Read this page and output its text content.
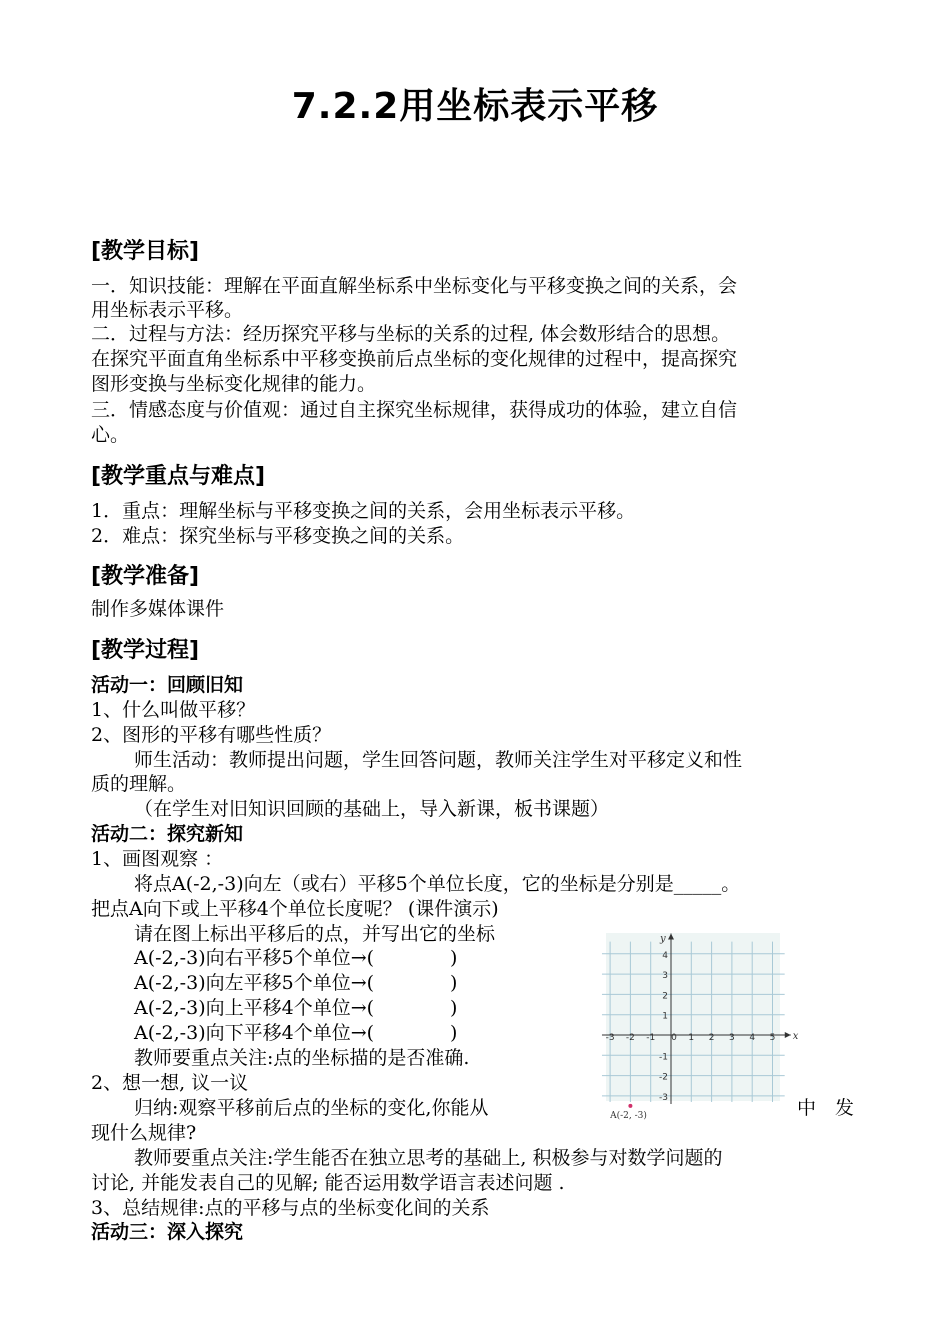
7.2.2用坐标表示平移
[教学目标]
一．知识技能：理解在平面直解坐标系中坐标变化与平移变换之间的关系，会
用坐标表示平移。
二．过程与方法：经历探究平移与坐标的关系的过程, 体会数形结合的思想。
在探究平面直角坐标系中平移变换前后点坐标的变化规律的过程中，提高探究
图形变换与坐标变化规律的能力。
三．情感态度与价值观：通过自主探究坐标规律，获得成功的体验，建立自信
心。
[教学重点与难点]
1．重点：理解坐标与平移变换之间的关系，会用坐标表示平移。
2．难点：探究坐标与平移变换之间的关系。
[教学准备]
制作多媒体课件
[教学过程]
活动一：回顾旧知
1、什么叫做平移？
2、图形的平移有哪些性质？
师生活动：教师提出问题，学生回答问题，教师关注学生对平移定义和性
质的理解。
（在学生对旧知识回顾的基础上，导入新课，板书课题）
活动二：探究新知
1、画图观察 ：
将点A(-2,-3)向左（或右）平移5个单位长度，它的坐标是分别是_____。
把点A向下或上平移4个单位长度呢？ (课件演示)
请在图上标出平移后的点，并写出它的坐标
A(-2,-3)向右平移5个单位→(　　　　)
A(-2,-3)向左平移5个单位→(　　　　)
A(-2,-3)向上平移4个单位→(　　　　)
A(-2,-3)向下平移4个单位→(　　　　)
教师要重点关注:点的坐标描的是否准确.
2、想一想, 议一议
归纳:观察平移前后点的坐标的变化,你能从	中　发
现什么规律?
教师要重点关注:学生能否在独立思考的基础上, 积极参与对数学问题的
讨论, 并能发表自己的见解; 能否运用数学语言表述问题 .
3、总结规律:点的平移与点的坐标变化间的关系
活动三：深入探究
x
y
-3 -2 -1 0 1 2 3 4 5
4
3
2
1
-1
-2
-3
A(-2, -3)
